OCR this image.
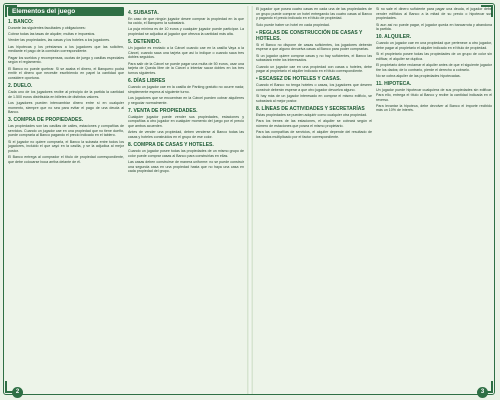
Elementos del juego
1. BANCO:

Durante las siguientes facultades y obligaciones:

Cobrar todas las tasas de alquiler, multas e impuestos.

Vender las propiedades, las casas y los hoteles a los jugadores.

Las hipotecas y los préstamos a los jugadores que las soliciten, mediante el pago de la comisión correspondiente.

Pagar los sueldos y recompensas, cuotas de juego y casillas especiales según el reglamento.

El Banco no puede quebrar. Si se acaba el dinero, el Banquero podrá emitir el dinero que necesite escribiendo en papel la cantidad que considere oportuna.

2. DUELO.

Cada uno de los jugadores recibe al principio de la partida la cantidad de 1.500 euros distribuida en billetes de distintos valores.

Los jugadores pueden intercambiar dinero entre sí en cualquier momento, siempre que no sea para evitar el pago de una deuda al Banco.

3. COMPRA DE PROPIEDADES.

Las propiedades son las casillas de calles, estaciones y compañías de servicios. Cuando un jugador cae en una propiedad que no tiene dueño, puede comprarla al Banco pagando el precio indicado en el tablero.

Si el jugador no quiere comprarla, el Banco la subasta entre todos los jugadores, incluido el que cayó en la casilla, y se la adjudica al mejor postor.

El Banco entrega al comprador el título de propiedad correspondiente, que debe colocarse boca arriba delante de él.

4. SUBASTA.

En caso de que ningún jugador desee comprar la propiedad en la que ha caído, el Banquero la subastará.

La puja mínima es de 10 euros y cualquier jugador puede participar. La propiedad se adjudica al jugador que ofrezca la cantidad más alta.

5. DETENIDO.

Un jugador es enviado a la Cárcel cuando cae en la casilla Vaya a la Cárcel, cuando saca una tarjeta que así lo indique o cuando saca tres dobles seguidos.

Para salir de la Cárcel se puede pagar una multa de 50 euros, usar una tarjeta de Queda libre de la Cárcel o intentar sacar dobles en los tres turnos siguientes.

6. DÍAS LIBRES

Cuando un jugador cae en la casilla de Parking gratuito no ocurre nada; simplemente espera al siguiente turno.

Los jugadores que se encuentran en la Cárcel pueden cobrar alquileres y negociar normalmente.

7. VENTA DE PROPIEDADES.

Cualquier jugador puede vender sus propiedades, estaciones y compañías a otro jugador en cualquier momento del juego por el precio que ambos acuerden.

Antes de vender una propiedad, deben venderse al Banco todas las casas y hoteles construidos en el grupo de ese color.

8. COMPRA DE CASAS Y HOTELES.

Cuando un jugador posee todas las propiedades de un mismo grupo de color puede comprar casas al Banco para construirlas en ellas.

Las casas deben construirse de manera uniforme: no se puede construir una segunda casa en una propiedad hasta que no haya una casa en cada propiedad del grupo.

El jugador que posea cuatro casas en cada una de las propiedades de un grupo puede comprar un hotel entregando las cuatro casas al Banco y pagando el precio indicado en el título de propiedad.

Solo puede haber un hotel en cada propiedad.

• REGLAS DE CONSTRUCCIÓN DE CASAS Y HOTELES.

Si el Banco no dispone de casas suficientes, los jugadores deberán esperar a que alguno devuelva casas al Banco para poder comprarlas.

Si un jugador quiere comprar casas y no hay suficientes, el Banco las subastará entre los interesados.

Cuando un jugador cae en una propiedad con casas u hoteles, debe pagar al propietario el alquiler indicado en el título correspondiente.

• ESCASEZ DE HOTELES Y CASAS.

Cuando el Banco no tenga hoteles o casas, los jugadores que deseen construir deberán esperar a que otro jugador devuelva alguno.

Si hay más de un jugador interesado en comprar el mismo edificio, se subastará al mejor postor.

8. LÍNEAS DE ACTIVIDADES Y SECRETARÍAS

Estas propiedades se pueden adquirir como cualquier otra propiedad.

Para los trenes de las estaciones, el alquiler se cobrará según el número de estaciones que posea el mismo propietario.

Para las compañías de servicios, el alquiler depende del resultado de los dados multiplicado por el factor correspondiente.

Si no sale el dinero suficiente para pagar una deuda, el jugador debe vender edificios al Banco a la mitad de su precio o hipotecar sus propiedades.

Si aun así no puede pagar, el jugador queda en bancarrota y abandona la partida.

10. ALQUILER.

Cuando un jugador cae en una propiedad que pertenece a otro jugador, debe pagar al propietario el alquiler indicado en el título de propiedad.

Si el propietario posee todas las propiedades de un grupo de color sin edificar, el alquiler se duplica.

El propietario debe reclamar el alquiler antes de que el siguiente jugador tire los dados; de lo contrario, pierde el derecho a cobrarlo.

No se cobra alquiler de las propiedades hipotecadas.

11. HIPOTECA.

Un jugador puede hipotecar cualquiera de sus propiedades sin edificar. Para ello, entrega el título al Banco y recibe la cantidad indicada en el reverso.

Para levantar la hipoteca, debe devolver al Banco el importe recibido más un 10% de interés.

2	3
